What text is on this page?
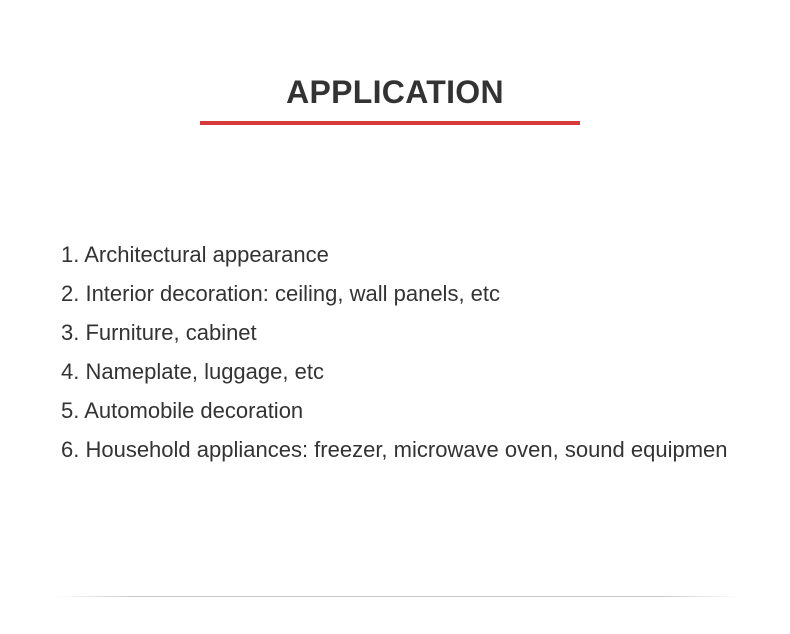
APPLICATION
1. Architectural appearance
2. Interior decoration: ceiling, wall panels, etc
3. Furniture, cabinet
4. Nameplate, luggage, etc
5. Automobile decoration
6. Household appliances: freezer, microwave oven, sound equipmen
